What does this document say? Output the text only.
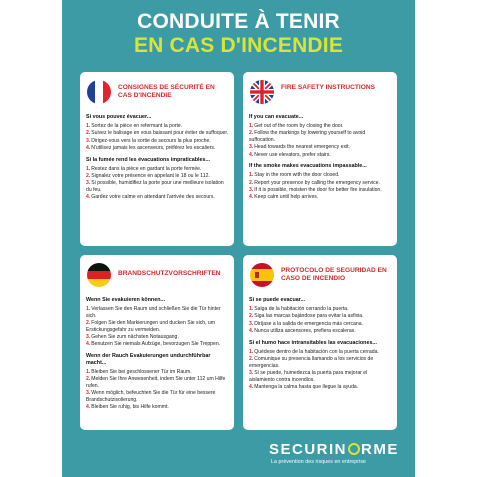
CONDUITE À TENIR
EN CAS D'INCENDIE
CONSIGNES DE SÉCURITÉ EN CAS D'INCENDIE
Si vous pouvez évacuer...
1.Sortez de la pièce en refermant la porte.
2.Suivez le balisage en vous baissant pour éviter de suffoquer.
3.Dirigez-vous vers la sortie de secours la plus proche.
4.N'utilisez jamais les ascenseurs, préférez les escaliers.
Si la fumée rend les évacuations impraticables...
1.Restez dans la pièce en gardant la porte fermée.
2.Signalez votre présence en appelant le 18 ou le 112.
3.Si possible, humidifiez la porte pour une meilleure isolation du feu.
4.Gardez votre calme en attendant l'arrivée des secours.
FIRE SAFETY INSTRUCTIONS
If you can evacuate...
1.Get out of the room by closing the door.
2.Follow the markings by lowering yourself to avoid suffocation.
3.Head towards the nearest emergency exit.
4.Never use elevators, prefer stairs.
If the smoke makes evacuations impassable...
1.Stay in the room with the door closed.
2.Report your presence by calling the emergency service.
3.If it is possible, moisten the door for better fire insulation.
4.Keep calm until help arrives.
BRANDSCHUTZVORSCHRIFTEN
Wenn Sie evakuieren können...
1.Verlassen Sie den Raum und schließen Sie die Tür hinter sich.
2.Folgen Sie den Markierungen und ducken Sie sich, um Erstickungsgefahr zu vermeiden.
3.Gehen Sie zum nächsten Notausgang.
4.Benutzen Sie niemals Aufzüge, bevorzugen Sie Treppen.
Wenn der Rauch Evakuierungen undurchführbar macht...
1.Bleiben Sie bei geschlossener Tür im Raum.
2.Melden Sie Ihre Anwesenheit, indem Sie unter 112 um Hilfe rufen.
3.Wenn möglich, befeuchten Sie die Tür für eine bessere Brandschutzisolierung.
4.Bleiben Sie ruhig, bis Hilfe kommt.
PROTOCOLO DE SEGURIDAD EN CASO DE INCENDIO
Si se puede evacuar...
1.Salga de la habitación cerrando la puerta.
2.Siga las marcas bajándose para evitar la asfixia.
3.Diríjase a la salida de emergencia más cercana.
4.Nunca utiliza ascensores, prefiera escaleras.
Si el humo hace intransitables las evacuaciones...
1.Quédese dentro de la habitación con la puerta cerrada.
2.Comunique su presencia llamando a los servicios de emergencias.
3.Si se puede, humedezca la puerta para mejorar el aislamiento contra incendios.
4.Mantenga la calma hasta que llegue la ayuda.
SECURIN RME
La prévention des risques en entreprise
